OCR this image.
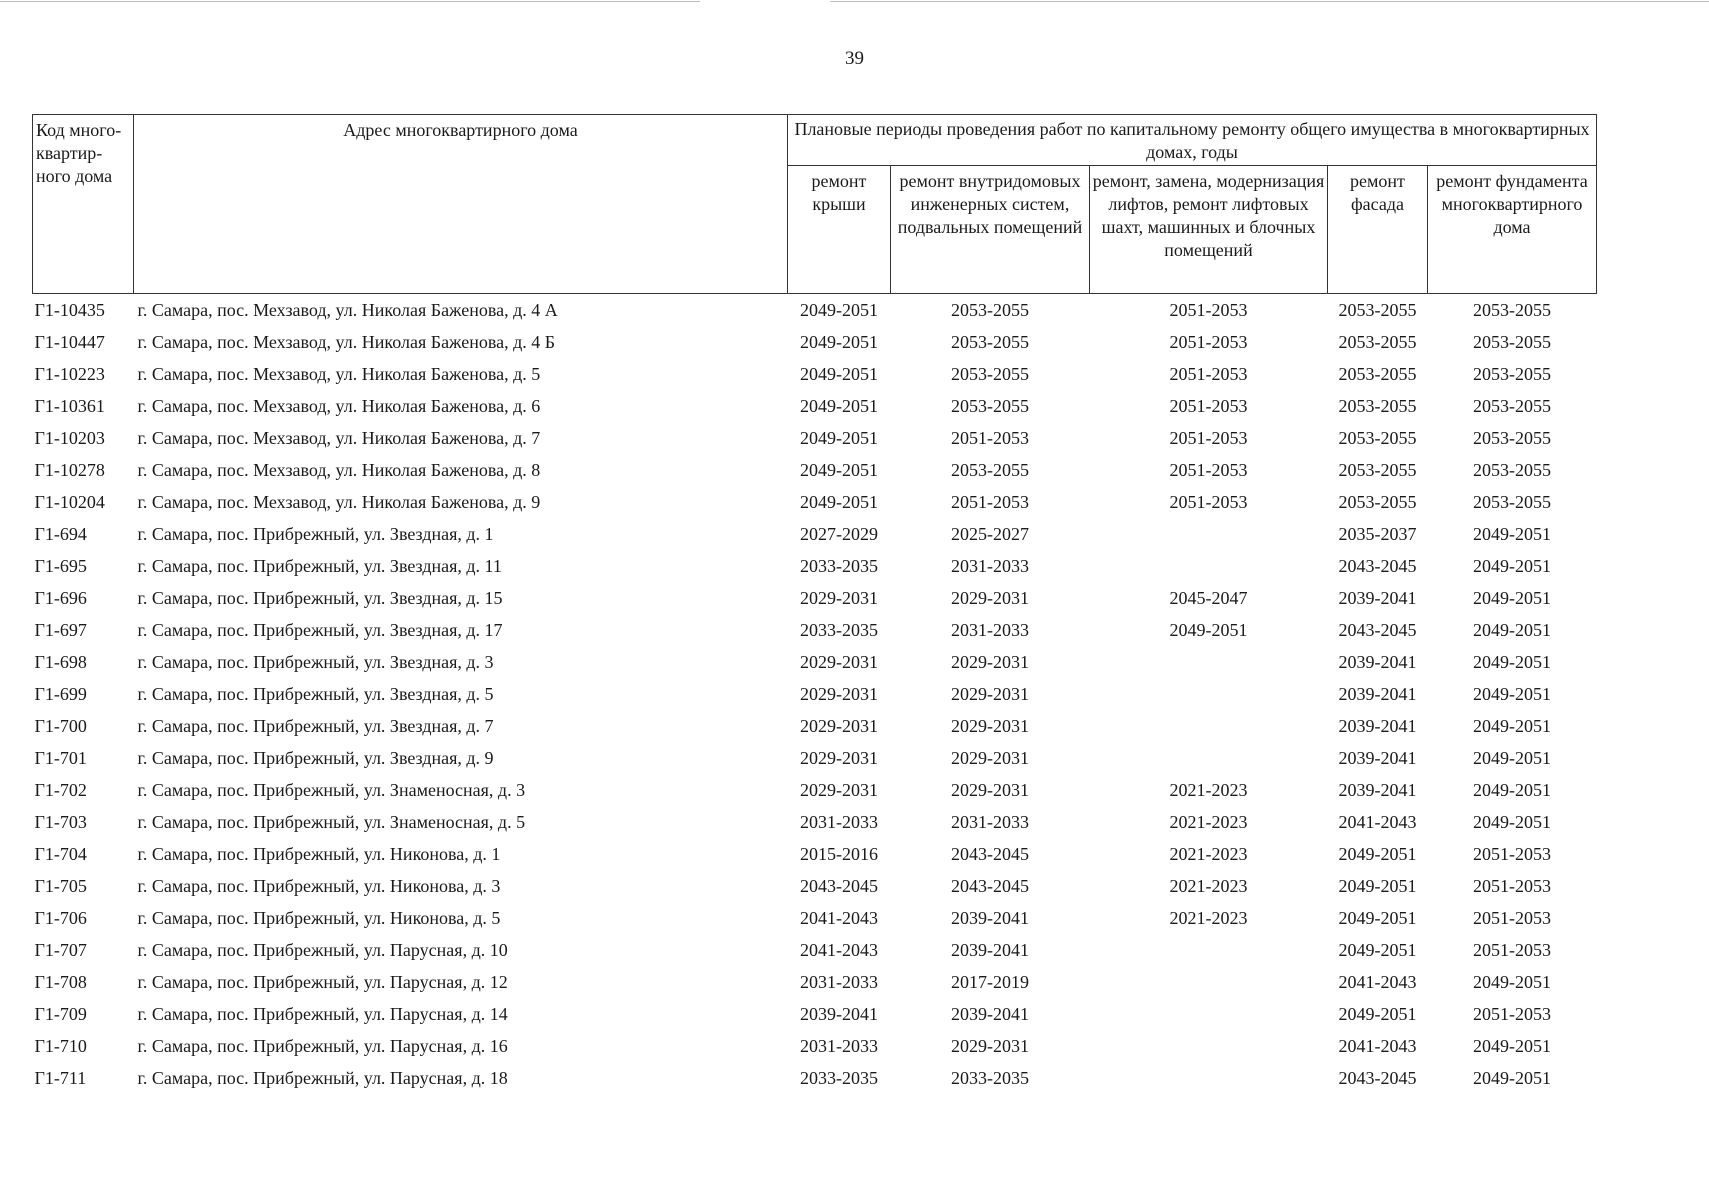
39
Код много-квартир-ного дома	Адрес многоквартирного дома	Плановые периоды проведения работ по капитальному ремонту общего имущества в многоквартирных домах, годы				
		ремонт крыши	ремонт внутридомовых инженерных систем, подвальных помещений	ремонт, замена, модернизация лифтов, ремонт лифтовых шахт, машинных и блочных помещений	ремонт фасада	ремонт фундамента многоквартирного дома
Г1-10435	г. Самара, пос. Мехзавод, ул. Николая Баженова, д. 4 А	2049-2051	2053-2055	2051-2053	2053-2055	2053-2055
Г1-10447	г. Самара, пос. Мехзавод, ул. Николая Баженова, д. 4 Б	2049-2051	2053-2055	2051-2053	2053-2055	2053-2055
Г1-10223	г. Самара, пос. Мехзавод, ул. Николая Баженова, д. 5	2049-2051	2053-2055	2051-2053	2053-2055	2053-2055
Г1-10361	г. Самара, пос. Мехзавод, ул. Николая Баженова, д. 6	2049-2051	2053-2055	2051-2053	2053-2055	2053-2055
Г1-10203	г. Самара, пос. Мехзавод, ул. Николая Баженова, д. 7	2049-2051	2051-2053	2051-2053	2053-2055	2053-2055
Г1-10278	г. Самара, пос. Мехзавод, ул. Николая Баженова, д. 8	2049-2051	2053-2055	2051-2053	2053-2055	2053-2055
Г1-10204	г. Самара, пос. Мехзавод, ул. Николая Баженова, д. 9	2049-2051	2051-2053	2051-2053	2053-2055	2053-2055
Г1-694	г. Самара, пос. Прибрежный, ул. Звездная, д. 1	2027-2029	2025-2027		2035-2037	2049-2051
Г1-695	г. Самара, пос. Прибрежный, ул. Звездная, д. 11	2033-2035	2031-2033		2043-2045	2049-2051
Г1-696	г. Самара, пос. Прибрежный, ул. Звездная, д. 15	2029-2031	2029-2031	2045-2047	2039-2041	2049-2051
Г1-697	г. Самара, пос. Прибрежный, ул. Звездная, д. 17	2033-2035	2031-2033	2049-2051	2043-2045	2049-2051
Г1-698	г. Самара, пос. Прибрежный, ул. Звездная, д. 3	2029-2031	2029-2031		2039-2041	2049-2051
Г1-699	г. Самара, пос. Прибрежный, ул. Звездная, д. 5	2029-2031	2029-2031		2039-2041	2049-2051
Г1-700	г. Самара, пос. Прибрежный, ул. Звездная, д. 7	2029-2031	2029-2031		2039-2041	2049-2051
Г1-701	г. Самара, пос. Прибрежный, ул. Звездная, д. 9	2029-2031	2029-2031		2039-2041	2049-2051
Г1-702	г. Самара, пос. Прибрежный, ул. Знаменосная, д. 3	2029-2031	2029-2031	2021-2023	2039-2041	2049-2051
Г1-703	г. Самара, пос. Прибрежный, ул. Знаменосная, д. 5	2031-2033	2031-2033	2021-2023	2041-2043	2049-2051
Г1-704	г. Самара, пос. Прибрежный, ул. Никонова, д. 1	2015-2016	2043-2045	2021-2023	2049-2051	2051-2053
Г1-705	г. Самара, пос. Прибрежный, ул. Никонова, д. 3	2043-2045	2043-2045	2021-2023	2049-2051	2051-2053
Г1-706	г. Самара, пос. Прибрежный, ул. Никонова, д. 5	2041-2043	2039-2041	2021-2023	2049-2051	2051-2053
Г1-707	г. Самара, пос. Прибрежный, ул. Парусная, д. 10	2041-2043	2039-2041		2049-2051	2051-2053
Г1-708	г. Самара, пос. Прибрежный, ул. Парусная, д. 12	2031-2033	2017-2019		2041-2043	2049-2051
Г1-709	г. Самара, пос. Прибрежный, ул. Парусная, д. 14	2039-2041	2039-2041		2049-2051	2051-2053
Г1-710	г. Самара, пос. Прибрежный, ул. Парусная, д. 16	2031-2033	2029-2031		2041-2043	2049-2051
Г1-711	г. Самара, пос. Прибрежный, ул. Парусная, д. 18	2033-2035	2033-2035		2043-2045	2049-2051
